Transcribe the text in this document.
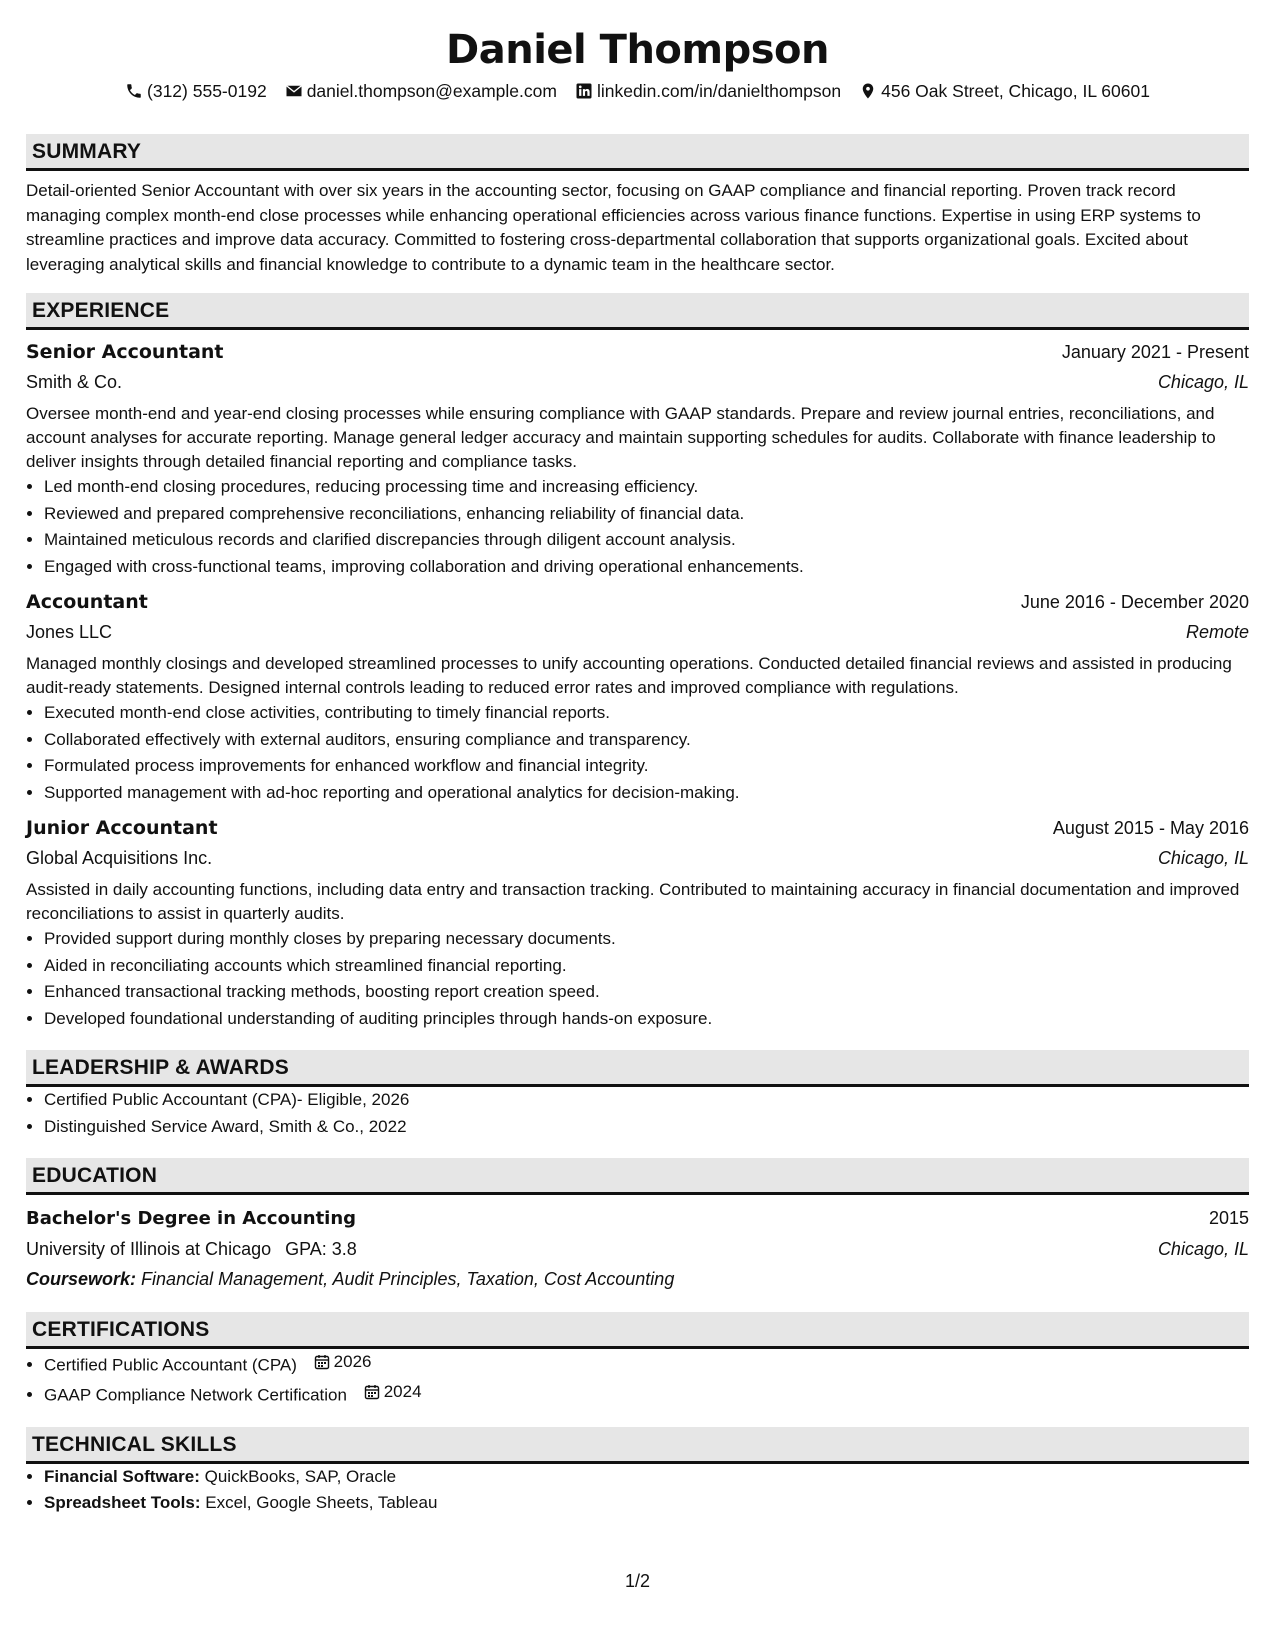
Daniel Thompson
(312) 555-0192 daniel.thompson@example.com linkedin.com/in/danielthompson 456 Oak Street, Chicago, IL 60601
SUMMARY

Detail-oriented Senior Accountant with over six years in the accounting sector, focusing on GAAP compliance and financial reporting. Proven track record managing complex month-end close processes while enhancing operational efficiencies across various finance functions. Expertise in using ERP systems to streamline practices and improve data accuracy. Committed to fostering cross-departmental collaboration that supports organizational goals. Excited about leveraging analytical skills and financial knowledge to contribute to a dynamic team in the healthcare sector.

EXPERIENCE
Senior Accountant	January 2021 - Present
Smith & Co.	Chicago, IL
Oversee month-end and year-end closing processes while ensuring compliance with GAAP standards. Prepare and review journal entries, reconciliations, and account analyses for accurate reporting. Manage general ledger accuracy and maintain supporting schedules for audits. Collaborate with finance leadership to deliver insights through detailed financial reporting and compliance tasks.
• Led month-end closing procedures, reducing processing time and increasing efficiency.
• Reviewed and prepared comprehensive reconciliations, enhancing reliability of financial data.
• Maintained meticulous records and clarified discrepancies through diligent account analysis.
• Engaged with cross-functional teams, improving collaboration and driving operational enhancements.
Accountant	June 2016 - December 2020
Jones LLC	Remote
Managed monthly closings and developed streamlined processes to unify accounting operations. Conducted detailed financial reviews and assisted in producing audit-ready statements. Designed internal controls leading to reduced error rates and improved compliance with regulations.
• Executed month-end close activities, contributing to timely financial reports.
• Collaborated effectively with external auditors, ensuring compliance and transparency.
• Formulated process improvements for enhanced workflow and financial integrity.
• Supported management with ad-hoc reporting and operational analytics for decision-making.
Junior Accountant	August 2015 - May 2016
Global Acquisitions Inc.	Chicago, IL
Assisted in daily accounting functions, including data entry and transaction tracking. Contributed to maintaining accuracy in financial documentation and improved reconciliations to assist in quarterly audits.
• Provided support during monthly closes by preparing necessary documents.
• Aided in reconciliating accounts which streamlined financial reporting.
• Enhanced transactional tracking methods, boosting report creation speed.
• Developed foundational understanding of auditing principles through hands-on exposure.
LEADERSHIP & AWARDS
• Certified Public Accountant (CPA)- Eligible, 2026
• Distinguished Service Award, Smith & Co., 2022
EDUCATION
Bachelor's Degree in Accounting	2015
University of Illinois at Chicago GPA: 3.8	Chicago, IL
Coursework: Financial Management, Audit Principles, Taxation, Cost Accounting
CERTIFICATIONS
• Certified Public Accountant (CPA) 2026
• GAAP Compliance Network Certification 2024
TECHNICAL SKILLS
• Financial Software: QuickBooks, SAP, Oracle
• Spreadsheet Tools: Excel, Google Sheets, Tableau
1/2
